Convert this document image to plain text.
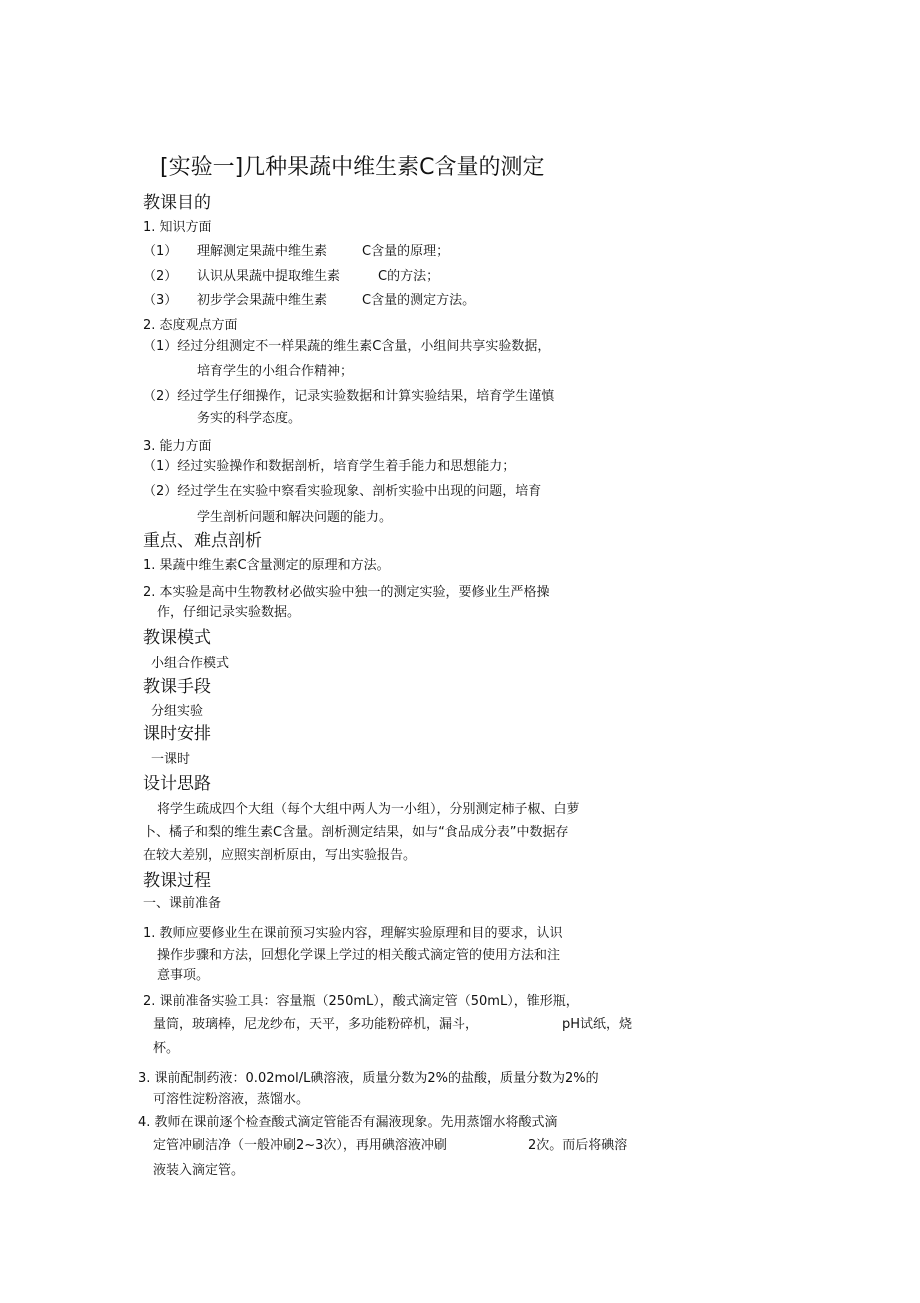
[实验一]几种果蔬中维生素C含量的测定
教课目的
1. 知识方面
（1） 理解测定果蔬中维生素	C含量的原理；
（2） 认识从果蔬中提取维生素	C的方法；
（3） 初步学会果蔬中维生素	C含量的测定方法。
2. 态度观点方面
（1）经过分组测定不一样果蔬的维生素C含量，小组间共享实验数据，
培育学生的小组合作精神；
（2）经过学生仔细操作，记录实验数据和计算实验结果，培育学生谨慎
务实的科学态度。
3. 能力方面
（1）经过实验操作和数据剖析，培育学生着手能力和思想能力；
（2）经过学生在实验中察看实验现象、剖析实验中出现的问题，培育
学生剖析问题和解决问题的能力。
重点、难点剖析
1. 果蔬中维生素C含量测定的原理和方法。
2. 本实验是高中生物教材必做实验中独一的测定实验，要修业生严格操
作，仔细记录实验数据。
教课模式
小组合作模式
教课手段
分组实验
课时安排
一课时
设计思路
将学生疏成四个大组（每个大组中两人为一小组），分别测定柿子椒、白萝
卜、橘子和梨的维生素C含量。剖析测定结果，如与“食品成分表”中数据存
在较大差别，应照实剖析原由，写出实验报告。
教课过程
一、课前准备
1. 教师应要修业生在课前预习实验内容，理解实验原理和目的要求，认识
操作步骤和方法，回想化学课上学过的相关酸式滴定管的使用方法和注
意事项。
2. 课前准备实验工具：容量瓶（250mL），酸式滴定管（50mL），锥形瓶，
量筒，玻璃棒，尼龙纱布，天平，多功能粉碎机，漏斗，	pH试纸，烧
杯。
3. 课前配制药液：0.02mol/L碘溶液，质量分数为2%的盐酸，质量分数为2%的
可溶性淀粉溶液，蒸馏水。
4. 教师在课前逐个检查酸式滴定管能否有漏液现象。先用蒸馏水将酸式滴
定管冲刷洁净（一般冲刷2~3次），再用碘溶液冲刷	2次。而后将碘溶
液装入滴定管。
